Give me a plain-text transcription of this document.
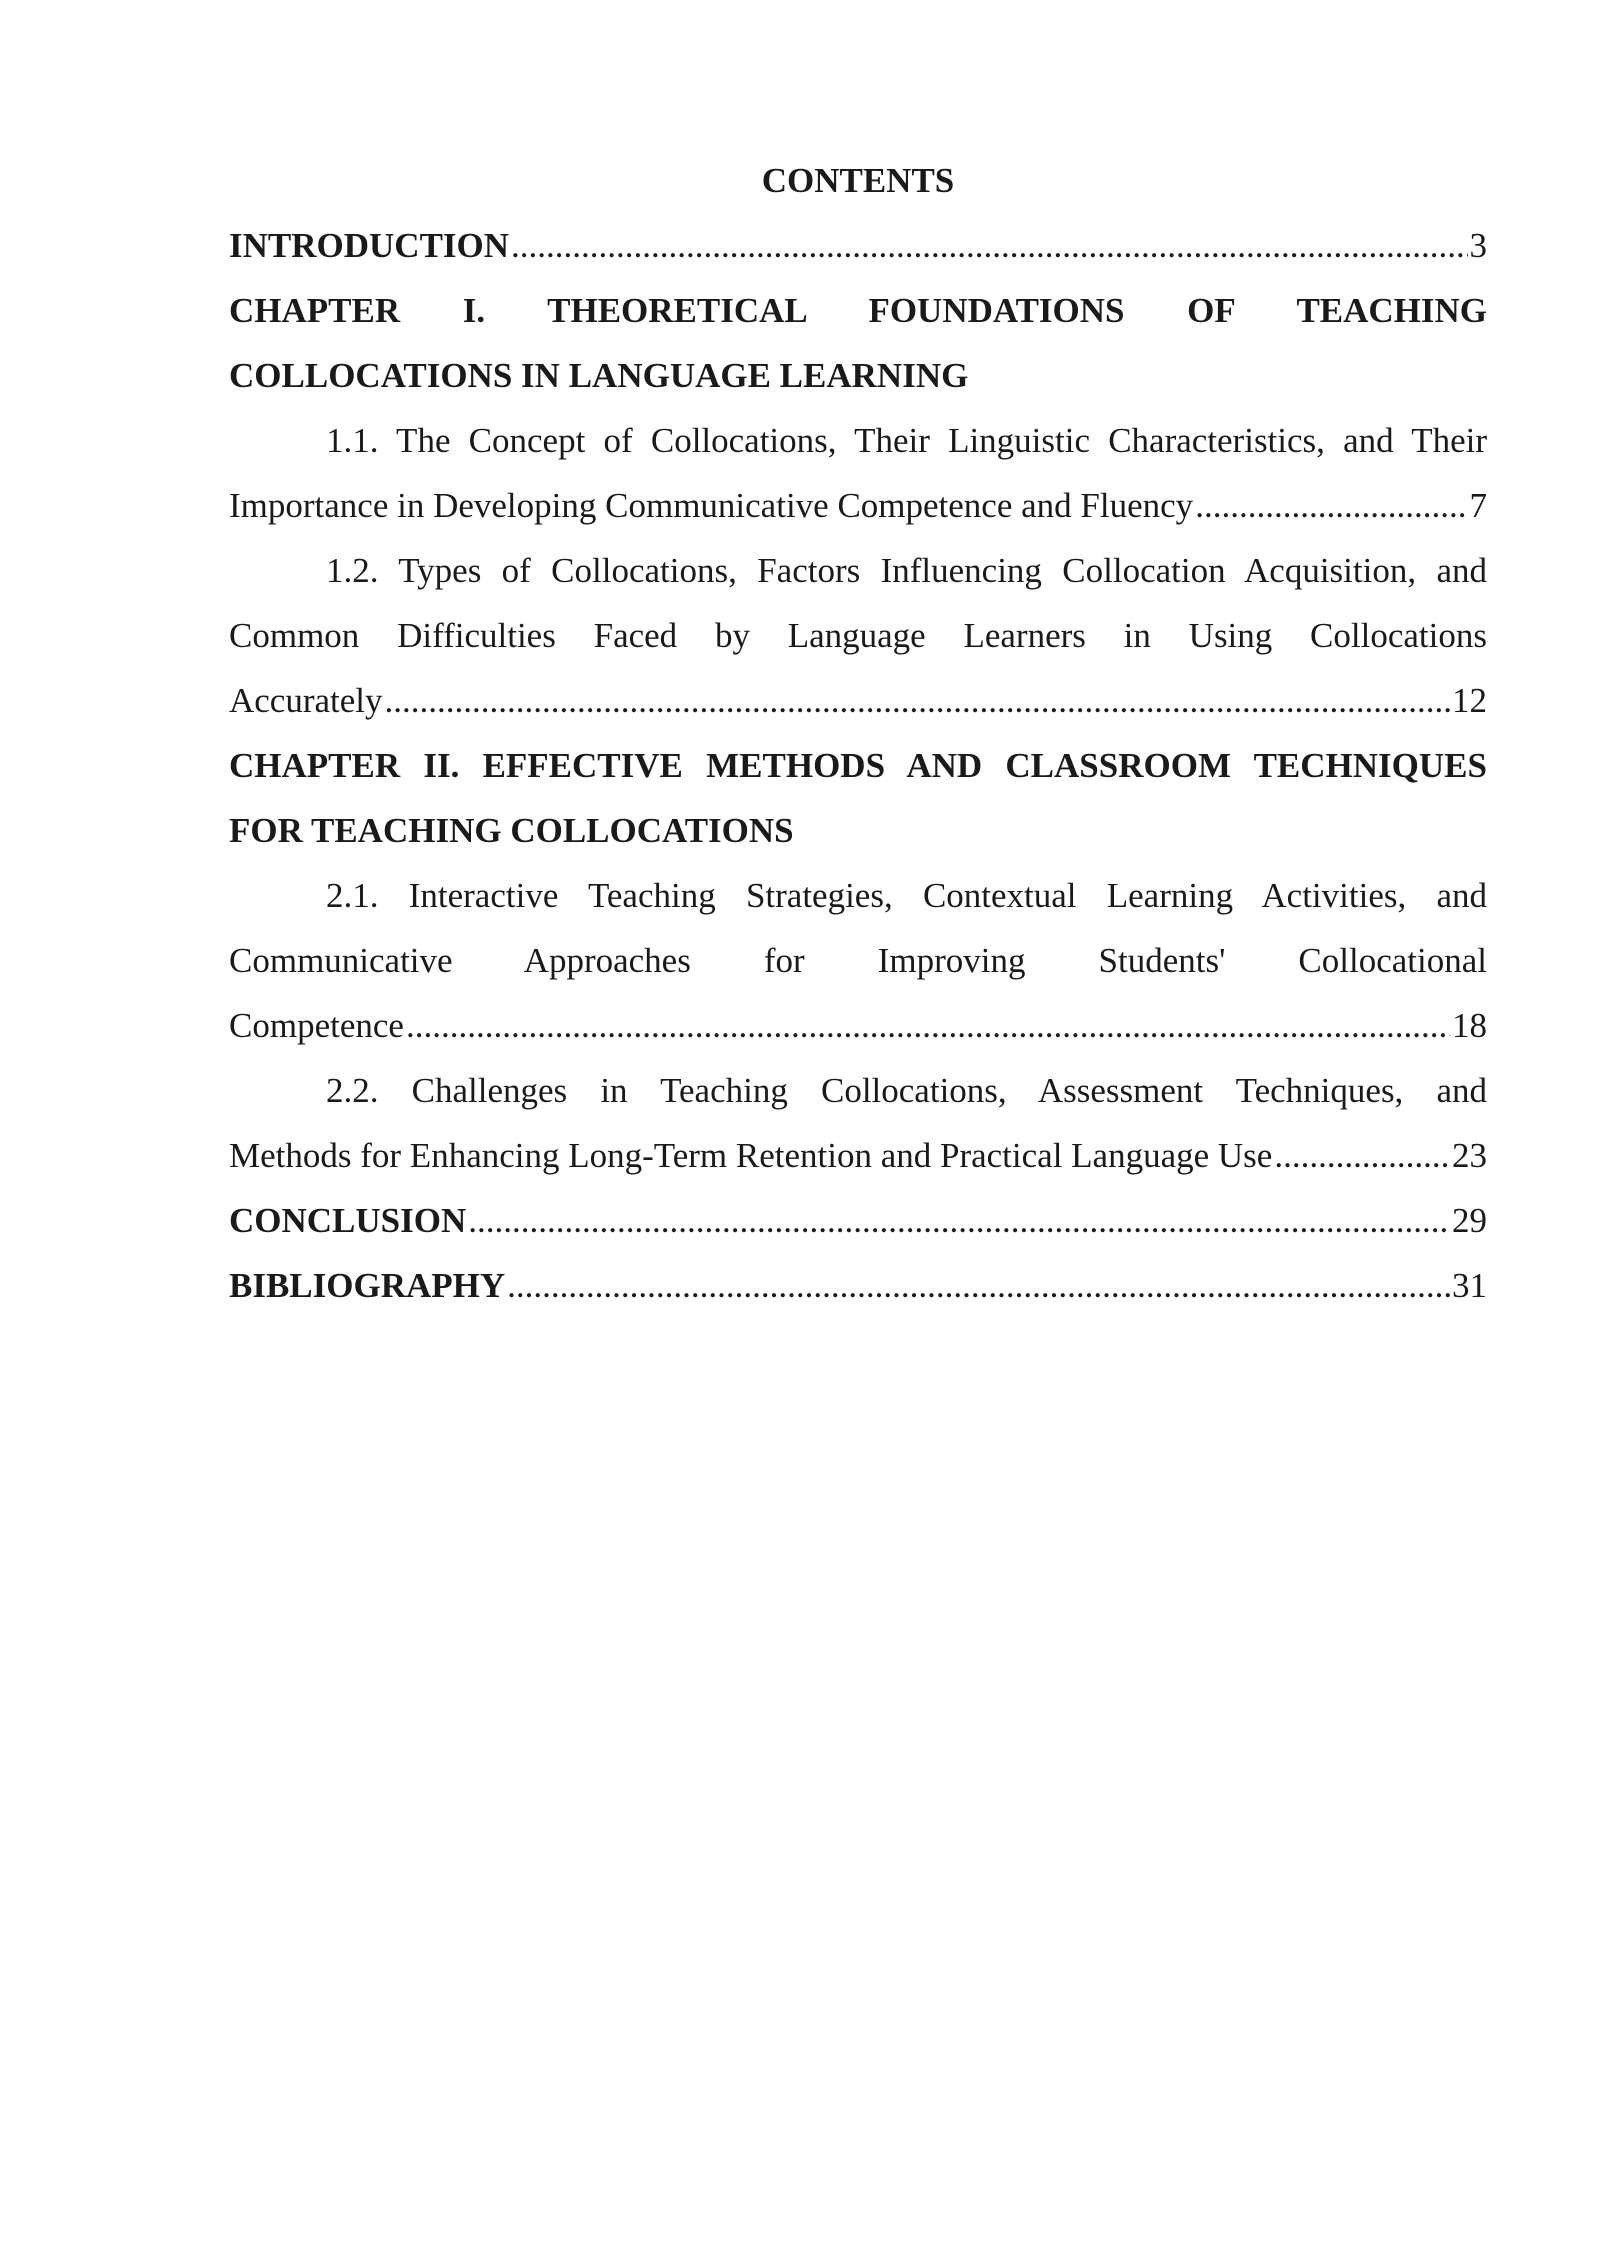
CONTENTS
INTRODUCTION .....	3
CHAPTER I. THEORETICAL FOUNDATIONS OF TEACHING
COLLOCATIONS IN LANGUAGE LEARNING
1.1. The Concept of Collocations, Their Linguistic Characteristics, and Their
Importance in Developing Communicative Competence and Fluency .....	7
1.2. Types of Collocations, Factors Influencing Collocation Acquisition, and
Common Difficulties Faced by Language Learners in Using Collocations
Accurately .....	12
CHAPTER II. EFFECTIVE METHODS AND CLASSROOM TECHNIQUES
FOR TEACHING COLLOCATIONS
2.1. Interactive Teaching Strategies, Contextual Learning Activities, and
Communicative Approaches for Improving Students' Collocational
Competence .....	18
2.2. Challenges in Teaching Collocations, Assessment Techniques, and
Methods for Enhancing Long-Term Retention and Practical Language Use .....	23
CONCLUSION .....	29
BIBLIOGRAPHY .....	31
